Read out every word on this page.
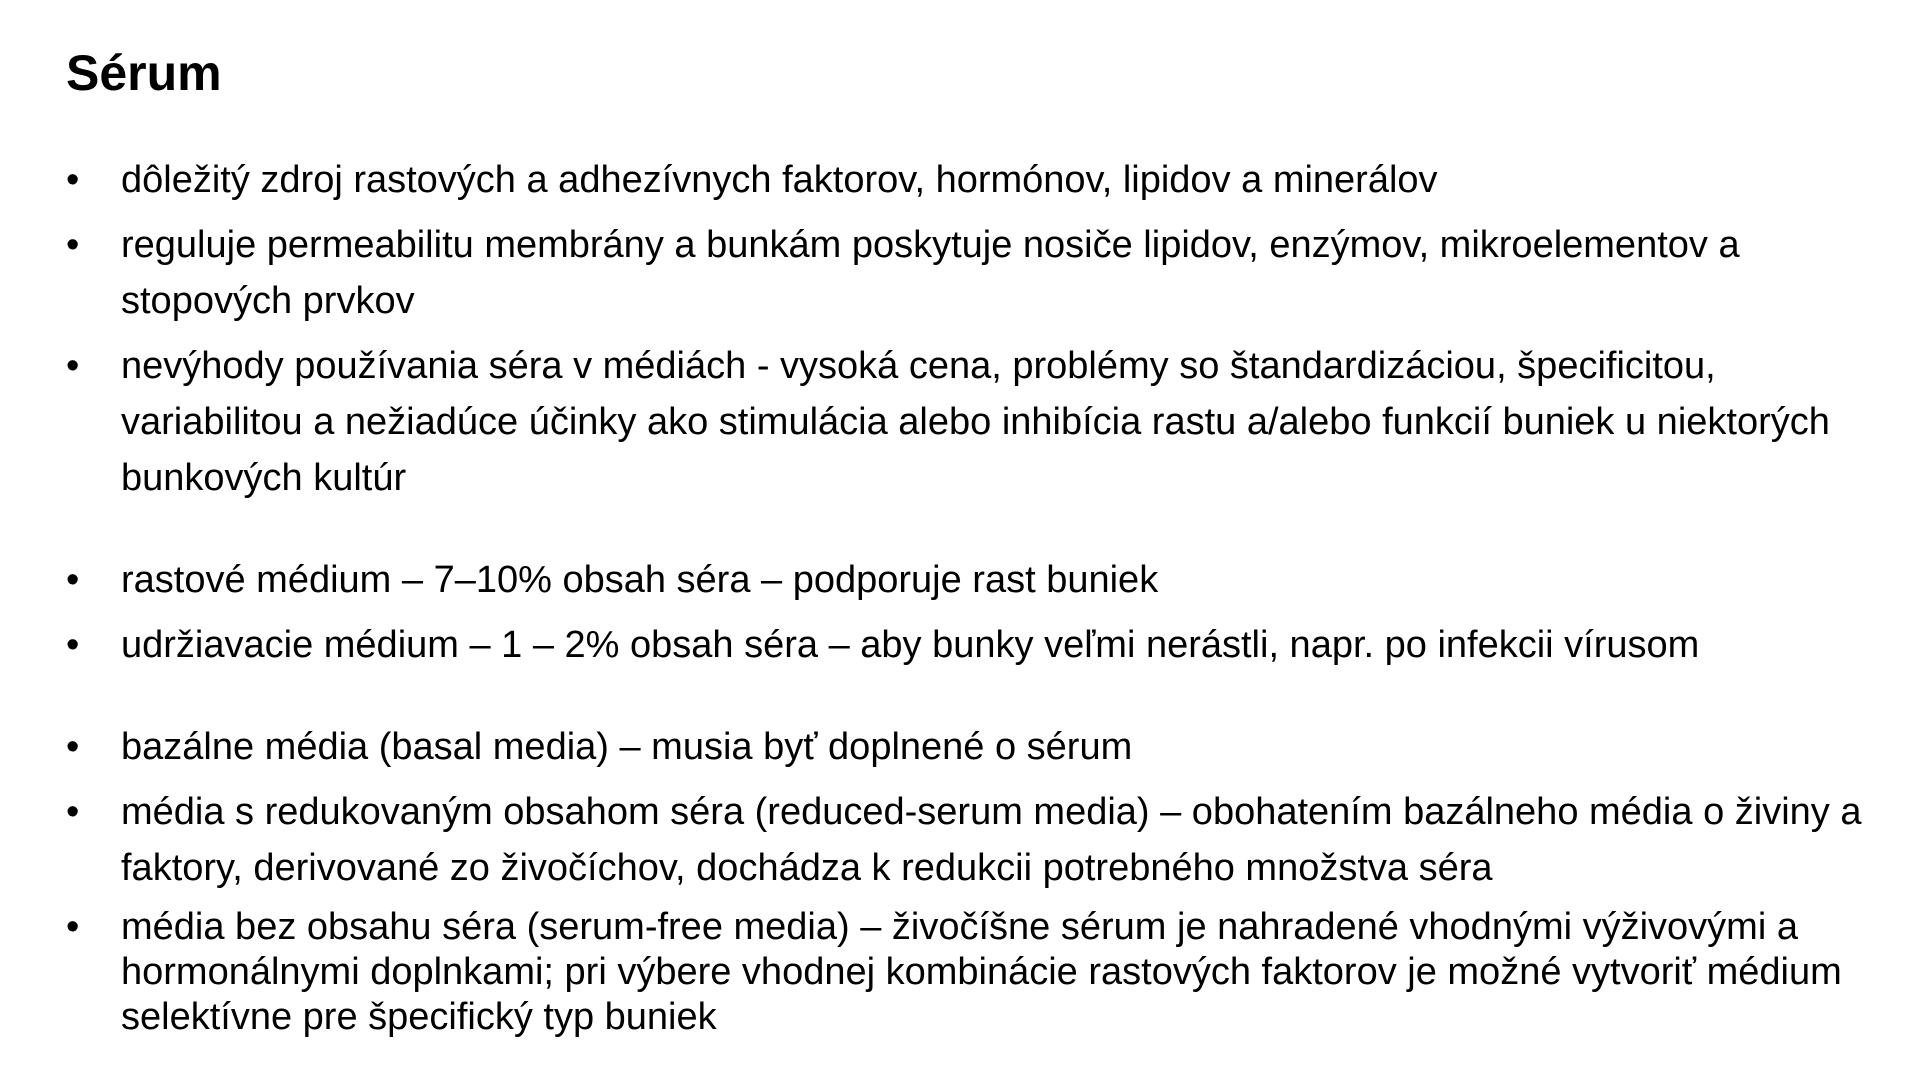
Sérum
•	dôležitý zdroj rastových a adhezívnych faktorov, hormónov, lipidov a minerálov
•	reguluje permeabilitu membrány a bunkám poskytuje nosiče lipidov, enzýmov, mikroelementov a stopových prvkov
•	nevýhody používania séra v médiách - vysoká cena, problémy so štandardizáciou, špecificitou, variabilitou a nežiadúce účinky ako stimulácia alebo inhibícia rastu a/alebo funkcií buniek u niektorých bunkových kultúr
•	rastové médium – 7–10% obsah séra – podporuje rast buniek
•	udržiavacie médium – 1 – 2% obsah séra – aby bunky veľmi nerástli, napr. po infekcii vírusom
•	bazálne média (basal media) – musia byť doplnené o sérum
•	média s redukovaným obsahom séra (reduced-serum media) – obohatením bazálneho média o živiny a faktory, derivované zo živočíchov, dochádza k redukcii potrebného množstva séra
•	média bez obsahu séra (serum-free media) – živočíšne sérum je nahradené vhodnými výživovými a hormonálnymi doplnkami; pri výbere vhodnej kombinácie rastových faktorov je možné vytvoriť médium selektívne pre špecifický typ buniek
